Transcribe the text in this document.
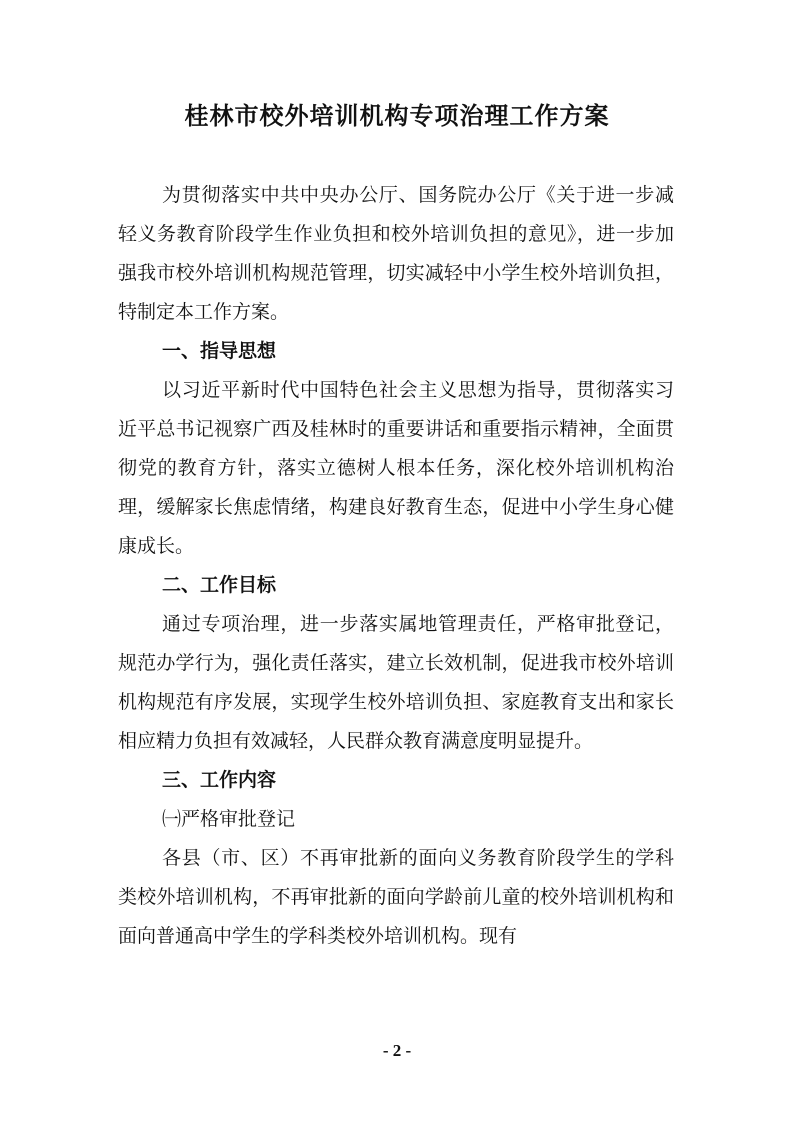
桂林市校外培训机构专项治理工作方案

为贯彻落实中共中央办公厅、国务院办公厅《关于进一步减轻义务教育阶段学生作业负担和校外培训负担的意见》，进一步加强我市校外培训机构规范管理，切实减轻中小学生校外培训负担，特制定本工作方案。

一、指导思想

以习近平新时代中国特色社会主义思想为指导，贯彻落实习近平总书记视察广西及桂林时的重要讲话和重要指示精神，全面贯彻党的教育方针，落实立德树人根本任务，深化校外培训机构治理，缓解家长焦虑情绪，构建良好教育生态，促进中小学生身心健康成长。

二、工作目标

通过专项治理，进一步落实属地管理责任，严格审批登记，规范办学行为，强化责任落实，建立长效机制，促进我市校外培训机构规范有序发展，实现学生校外培训负担、家庭教育支出和家长相应精力负担有效减轻，人民群众教育满意度明显提升。

三、工作内容

㈠严格审批登记

各县（市、区）不再审批新的面向义务教育阶段学生的学科类校外培训机构，不再审批新的面向学龄前儿童的校外培训机构和面向普通高中学生的学科类校外培训机构。现有

- 2 -
